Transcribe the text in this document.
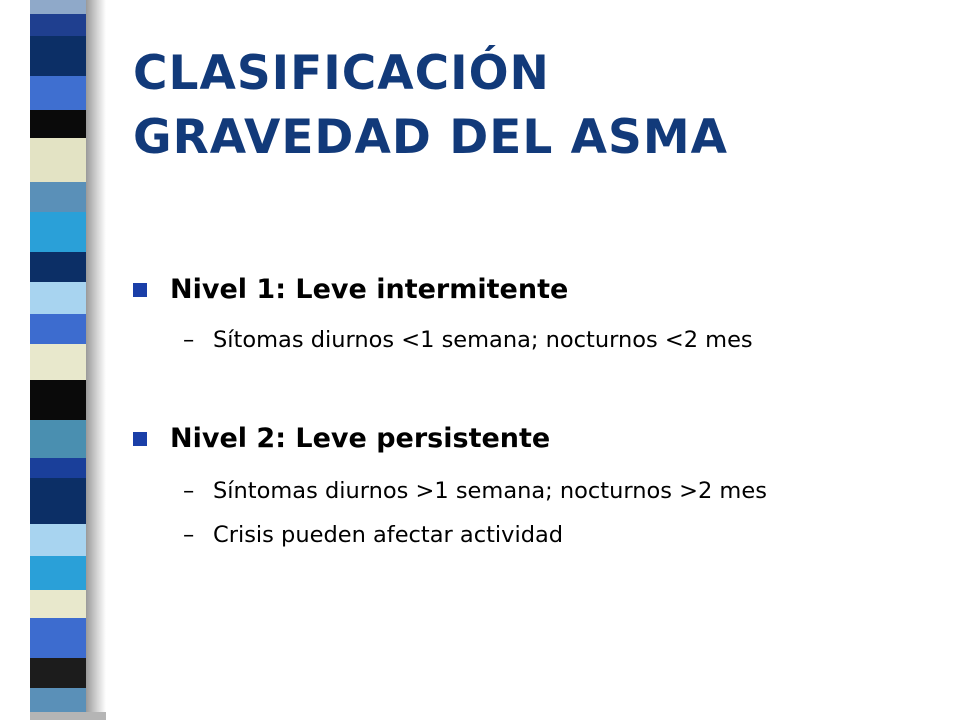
CLASIFICACIÓN
GRAVEDAD DEL ASMA
Nivel 1: Leve intermitente
– Sítomas diurnos <1 semana; nocturnos <2 mes
Nivel 2: Leve persistente
– Síntomas diurnos >1 semana; nocturnos >2 mes
– Crisis pueden afectar actividad
